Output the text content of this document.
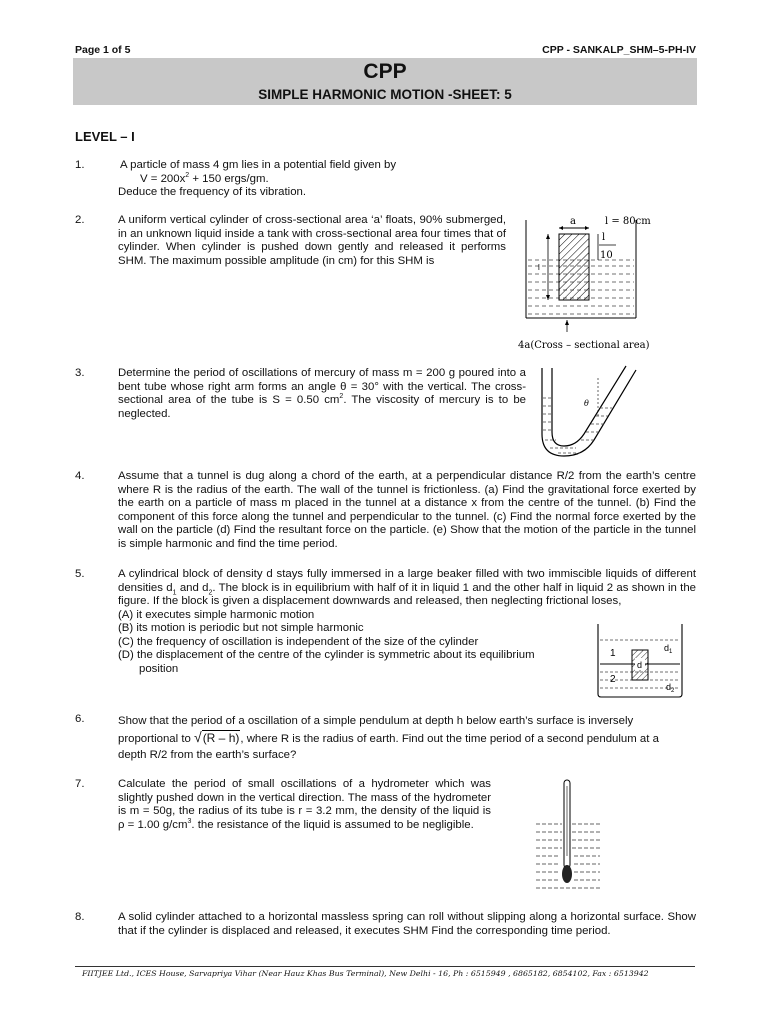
Page 1 of 5	CPP - SANKALP_SHM–5-PH-IV
CPP
SIMPLE HARMONIC MOTION -SHEET: 5
LEVEL – I
1.	A particle of mass 4 gm lies in a potential field given by

$V = 200x^2 + 150$ ergs/gm.

Deduce the frequency of its vibration.

2.	A uniform vertical cylinder of cross-sectional area ‘a’ floats, 90% submerged, in an unknown liquid inside a tank with cross-sectional area four times that of cylinder. When cylinder is pushed down gently and released it performs SHM. The maximum possible amplitude (in cm) for this SHM is
a
l
l = 80cm
l
10
4a(Cross – sectional area)
3.	Determine the period of oscillations of mercury of mass m = 200 g poured into a bent tube whose right arm forms an angle θ = 30° with the vertical. The cross-sectional area of the tube is S = 0.50 $cm^2$. The viscosity of mercury is to be neglected.
θ
4.	Assume that a tunnel is dug along a chord of the earth, at a perpendicular distance R/2 from the earth’s centre where R is the radius of the earth. The wall of the tunnel is frictionless. (a) Find the gravitational force exerted by the earth on a particle of mass m placed in the tunnel at a distance x from the centre of the tunnel. (b) Find the component of this force along the tunnel and perpendicular to the tunnel. (c) Find the normal force exerted by the wall on the particle (d) Find the resultant force on the particle. (e) Show that the motion of the particle in the tunnel is simple harmonic and find the time period.
5.	A cylindrical block of density d stays fully immersed in a large beaker filled with two immiscible liquids of different densities $d_1$ and $d_2$. The block is in equilibrium with half of it in liquid 1 and the other half in liquid 2 as shown in the figure. If the block is given a displacement downwards and released, then neglecting frictional loses,

(A) it executes simple harmonic motion

(B) its motion is periodic but not simple harmonic

(C) the frequency of oscillation is independent of the size of the cylinder

(D) the displacement of the centre of the cylinder is symmetric about its equilibrium

position	d
1
2
$d_1$
$d_2$
6.	Show that the period of a oscillation of a simple pendulum at depth h below earth’s surface is inversely

proportional to √(R – h), where R is the radius of earth. Find out the time period of a second pendulum at a

depth R/2 from the earth’s surface?

7.	Calculate the period of small oscillations of a hydrometer which was slightly pushed down in the vertical direction. The mass of the hydrometer is m = 50g, the radius of its tube is r = 3.2 mm, the density of the liquid is ρ = 1.00 $g/cm^3$. the resistance of the liquid is assumed to be negligible.
8.	A solid cylinder attached to a horizontal massless spring can roll without slipping along a horizontal surface. Show that if the cylinder is displaced and released, it executes SHM Find the corresponding time period.
FIITJEE Ltd., ICES House, Sarvapriya Vihar (Near Hauz Khas Bus Terminal), New Delhi - 16, Ph : 6515949 , 6865182, 6854102, Fax : 6513942
